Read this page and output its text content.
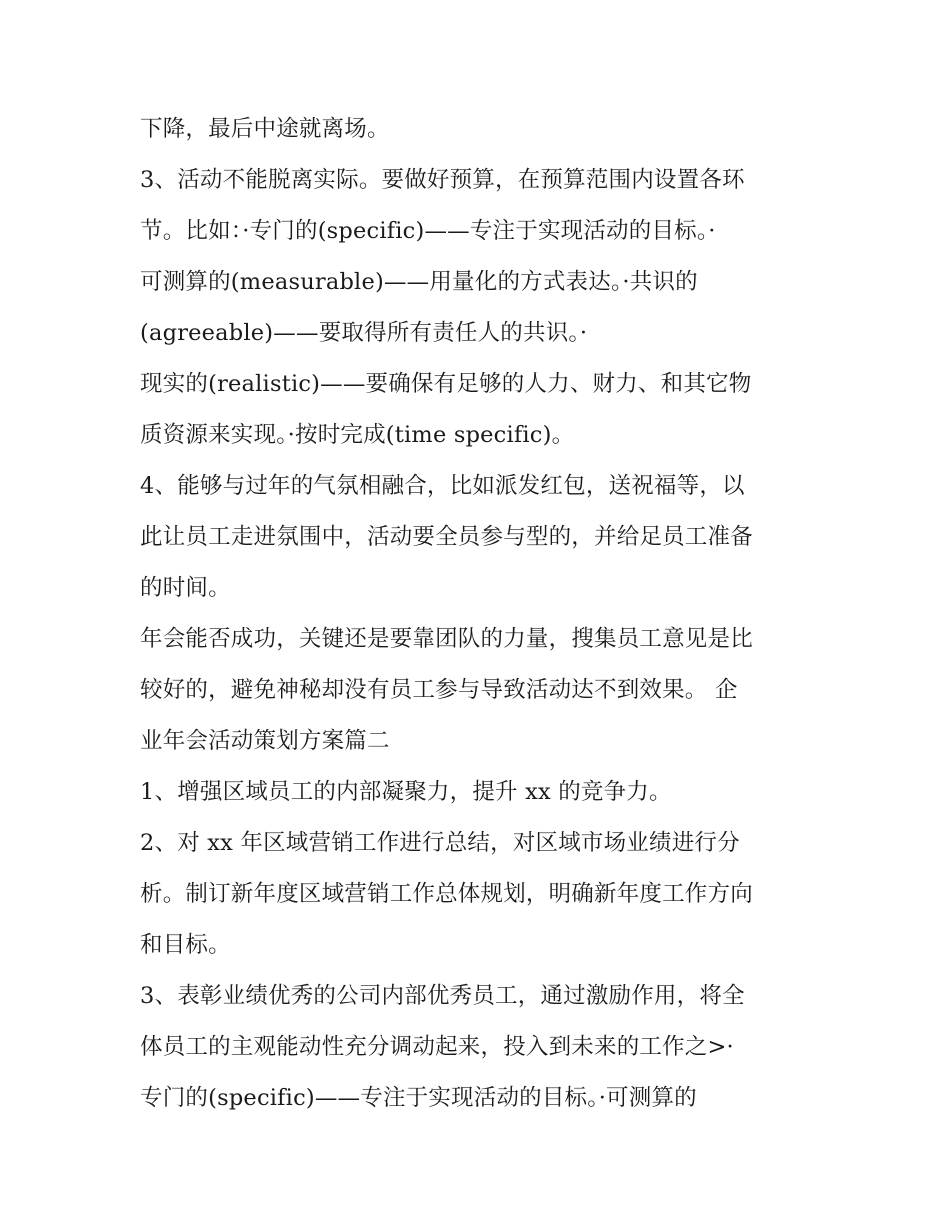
下降，最后中途就离场。
3、活动不能脱离实际。要做好预算，在预算范围内设置各环
节。比如：·专门的(specific)——专注于实现活动的目标。·
可测算的(measurable)——用量化的方式表达。·共识的
(agreeable)——要取得所有责任人的共识。·
现实的(realistic)——要确保有足够的人力、财力、和其它物
质资源来实现。·按时完成(time specific)。
4、能够与过年的气氛相融合，比如派发红包，送祝福等，以
此让员工走进氛围中，活动要全员参与型的，并给足员工准备
的时间。
年会能否成功，关键还是要靠团队的力量，搜集员工意见是比
较好的，避免神秘却没有员工参与导致活动达不到效果。 企
业年会活动策划方案篇二
1、增强区域员工的内部凝聚力，提升 xx 的竞争力。
2、对 xx 年区域营销工作进行总结，对区域市场业绩进行分
析。制订新年度区域营销工作总体规划，明确新年度工作方向
和目标。
3、表彰业绩优秀的公司内部优秀员工，通过激励作用，将全
体员工的主观能动性充分调动起来，投入到未来的工作之>·
专门的(specific)——专注于实现活动的目标。·可测算的
